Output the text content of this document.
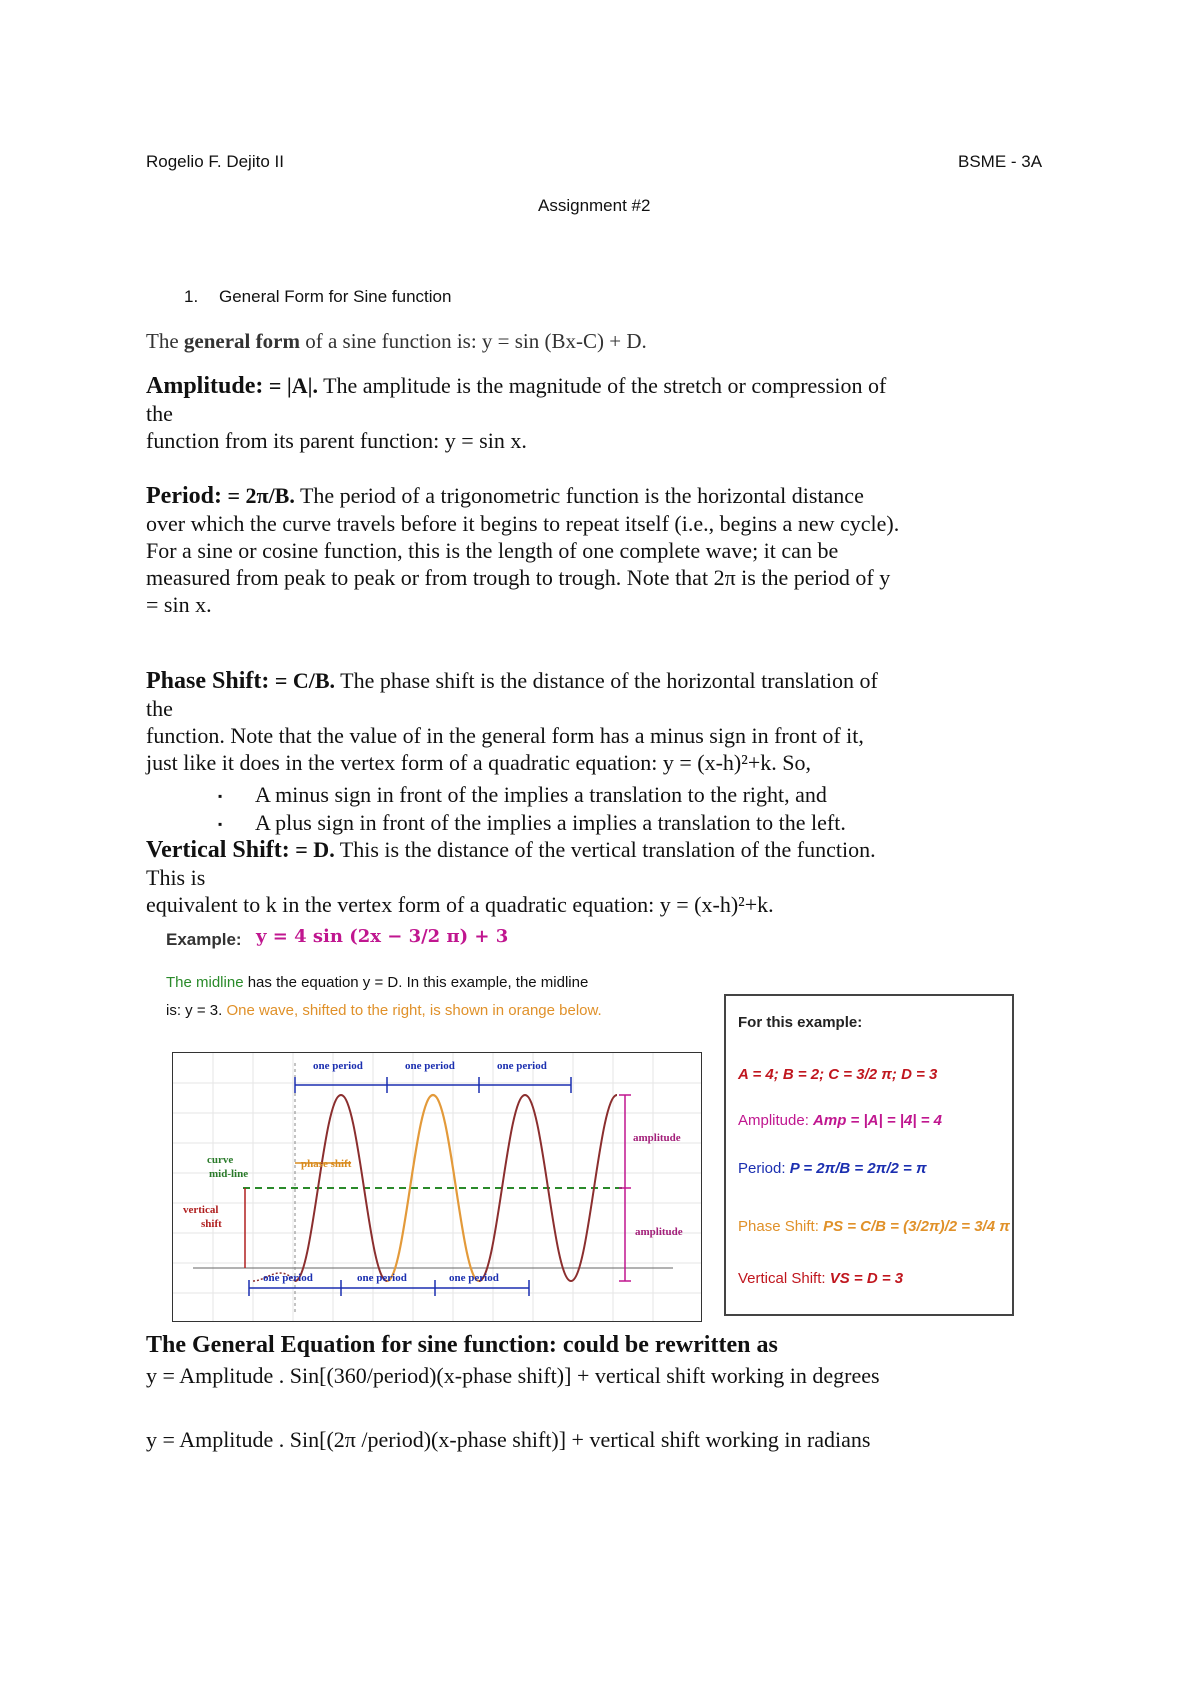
Rogelio F. Dejito II	BSME - 3A
Assignment #2
1. General Form for Sine function
The general form of a sine function is: y = sin (Bx-C) + D.
Amplitude: = |A|. The amplitude is the magnitude of the stretch or compression of
the
function from its parent function: y = sin x.
Period: = 2π/B. The period of a trigonometric function is the horizontal distance
over which the curve travels before it begins to repeat itself (i.e., begins a new cycle).
For a sine or cosine function, this is the length of one complete wave; it can be
measured from peak to peak or from trough to trough. Note that 2π is the period of y
= sin x.
Phase Shift: = C/B. The phase shift is the distance of the horizontal translation of
the
function. Note that the value of in the general form has a minus sign in front of it,
just like it does in the vertex form of a quadratic equation: y = (x-h)²+k. So,
▪ A minus sign in front of the implies a translation to the right, and
▪ A plus sign in front of the implies a implies a translation to the left.
Vertical Shift: = D. This is the distance of the vertical translation of the function.
This is
equivalent to k in the vertex form of a quadratic equation: y = (x-h)²+k.
Example: y = 4 sin (2x − 3/2 π) + 3
The midline has the equation y = D. In this example, the midline
is: y = 3. One wave, shifted to the right, is shown in orange below.
one period	one period	one period
one period	one period	one period
amplitude
amplitude
curve
mid-line
phase shift
vertical
shift
For this example:
A = 4; B = 2; C = 3/2 π; D = 3
Amplitude: Amp = |A| = |4| = 4
Period: P = 2π/B = 2π/2 = π
Phase Shift: PS = C/B = (3/2π)/2 = 3/4 π
Vertical Shift: VS = D = 3
The General Equation for sine function: could be rewritten as
y = Amplitude . Sin[(360/period)(x-phase shift)] + vertical shift working in degrees
y = Amplitude . Sin[(2π /period)(x-phase shift)] + vertical shift working in radians
